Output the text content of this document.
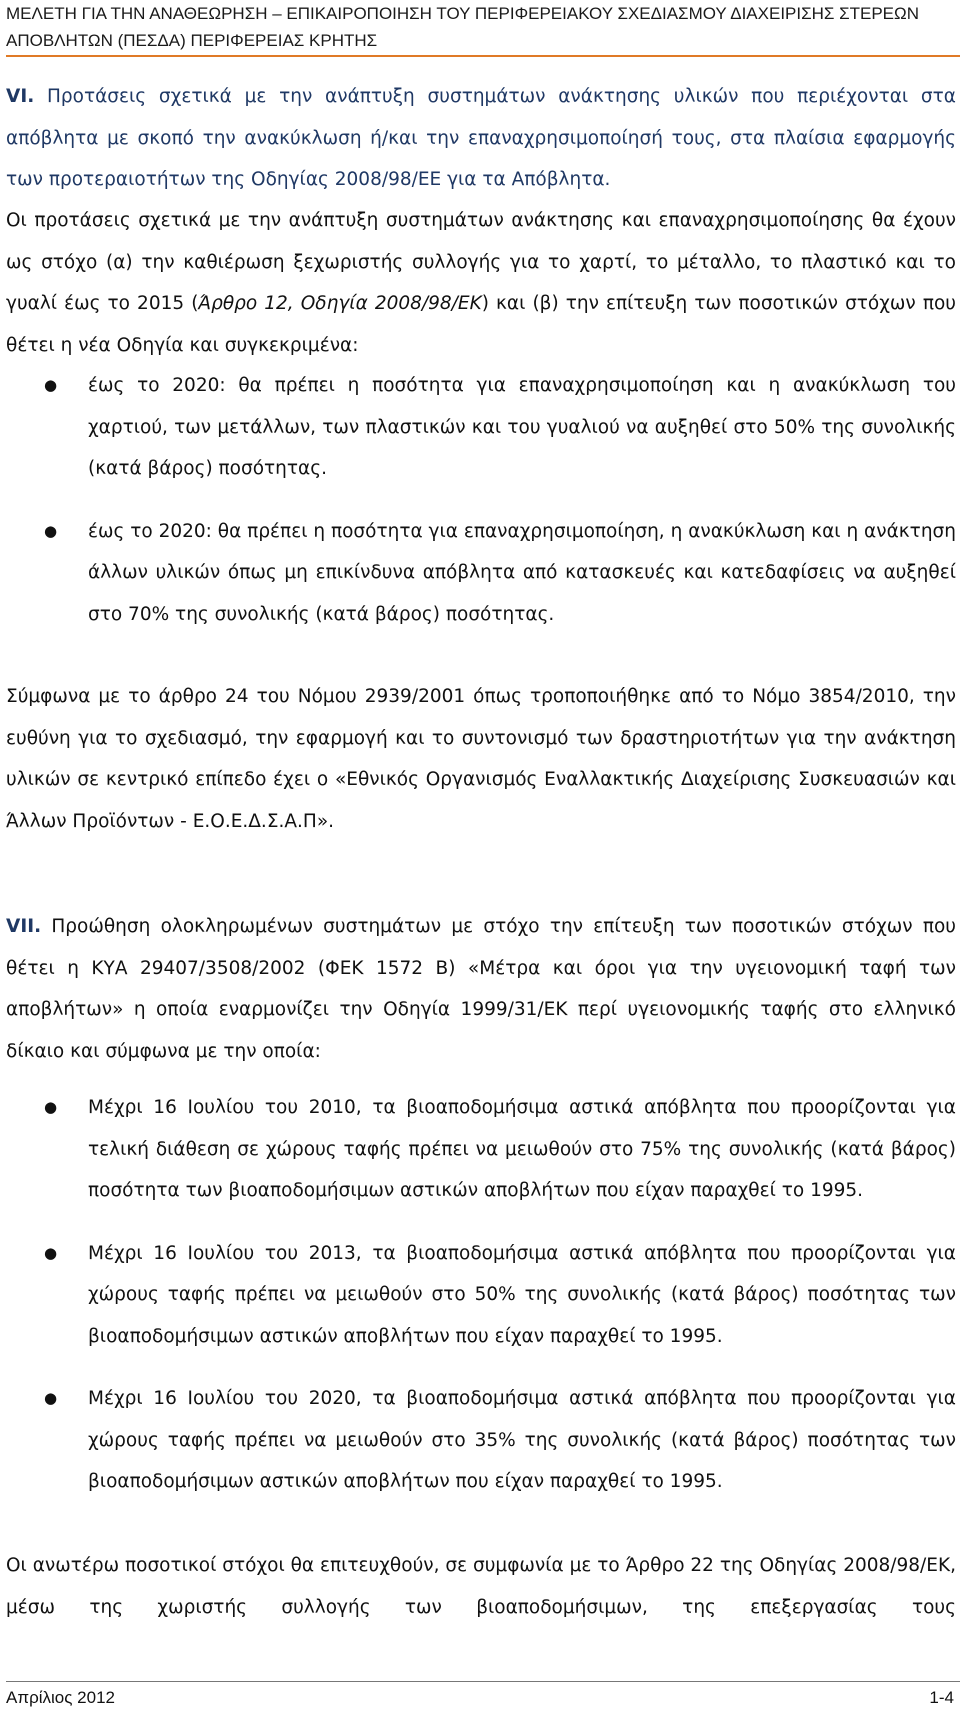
ΜΕΛΕΤΗ ΓΙΑ ΤΗΝ ΑΝΑΘΕΩΡΗΣΗ – ΕΠΙΚΑΙΡΟΠΟΙΗΣΗ ΤΟΥ ΠΕΡΙΦΕΡΕΙΑΚΟΥ ΣΧΕΔΙΑΣΜΟΥ ΔΙΑΧΕΙΡΙΣΗΣ ΣΤΕΡΕΩΝ ΑΠΟΒΛΗΤΩΝ (ΠΕΣΔΑ) ΠΕΡΙΦΕΡΕΙΑΣ ΚΡΗΤΗΣ
VI. Προτάσεις σχετικά με την ανάπτυξη συστημάτων ανάκτησης υλικών που περιέχονται στα απόβλητα με σκοπό την ανακύκλωση ή/και την επαναχρησιμοποίησή τους, στα πλαίσια εφαρμογής των προτεραιοτήτων της Οδηγίας 2008/98/ΕΕ για τα Απόβλητα.
Οι προτάσεις σχετικά με την ανάπτυξη συστημάτων ανάκτησης και επαναχρησιμοποίησης θα έχουν ως στόχο (α) την καθιέρωση ξεχωριστής συλλογής για το χαρτί, το μέταλλο, το πλαστικό και το γυαλί έως το 2015 (Άρθρο 12, Οδηγία 2008/98/ΕΚ) και (β) την επίτευξη των ποσοτικών στόχων που θέτει η νέα Οδηγία και συγκεκριμένα:
● έως το 2020: θα πρέπει η ποσότητα για επαναχρησιμοποίηση και η ανακύκλωση του χαρτιού, των μετάλλων, των πλαστικών και του γυαλιού να αυξηθεί στο 50% της συνολικής (κατά βάρος) ποσότητας.
● έως το 2020: θα πρέπει η ποσότητα για επαναχρησιμοποίηση, η ανακύκλωση και η ανάκτηση άλλων υλικών όπως μη επικίνδυνα απόβλητα από κατασκευές και κατεδαφίσεις να αυξηθεί στο 70% της συνολικής (κατά βάρος) ποσότητας.
Σύμφωνα με το άρθρο 24 του Νόμου 2939/2001 όπως τροποποιήθηκε από το Νόμο 3854/2010, την ευθύνη για το σχεδιασμό, την εφαρμογή και το συντονισμό των δραστηριοτήτων για την ανάκτηση υλικών σε κεντρικό επίπεδο έχει ο «Εθνικός Οργανισμός Εναλλακτικής Διαχείρισης Συσκευασιών και Άλλων Προϊόντων - Ε.Ο.Ε.Δ.Σ.Α.Π».
VII. Προώθηση ολοκληρωμένων συστημάτων με στόχο την επίτευξη των ποσοτικών στόχων που θέτει η ΚΥΑ 29407/3508/2002 (ΦΕΚ 1572 Β) «Μέτρα και όροι για την υγειονομική ταφή των αποβλήτων» η οποία εναρμονίζει την Οδηγία 1999/31/ΕΚ περί υγειονομικής ταφής στο ελληνικό δίκαιο και σύμφωνα με την οποία:
● Μέχρι 16 Ιουλίου του 2010, τα βιοαποδομήσιμα αστικά απόβλητα που προορίζονται για τελική διάθεση σε χώρους ταφής πρέπει να μειωθούν στο 75% της συνολικής (κατά βάρος) ποσότητα των βιοαποδομήσιμων αστικών αποβλήτων που είχαν παραχθεί το 1995.
● Μέχρι 16 Ιουλίου του 2013, τα βιοαποδομήσιμα αστικά απόβλητα που προορίζονται για χώρους ταφής πρέπει να μειωθούν στο 50% της συνολικής (κατά βάρος) ποσότητας των βιοαποδομήσιμων αστικών αποβλήτων που είχαν παραχθεί το 1995.
● Μέχρι 16 Ιουλίου του 2020, τα βιοαποδομήσιμα αστικά απόβλητα που προορίζονται για χώρους ταφής πρέπει να μειωθούν στο 35% της συνολικής (κατά βάρος) ποσότητας των βιοαποδομήσιμων αστικών αποβλήτων που είχαν παραχθεί το 1995.
Οι ανωτέρω ποσοτικοί στόχοι θα επιτευχθούν, σε συμφωνία με το Άρθρο 22 της Οδηγίας 2008/98/ΕΚ, μέσω της χωριστής συλλογής των βιοαποδομήσιμων, της επεξεργασίας τους
Απρίλιος 2012	1-4
